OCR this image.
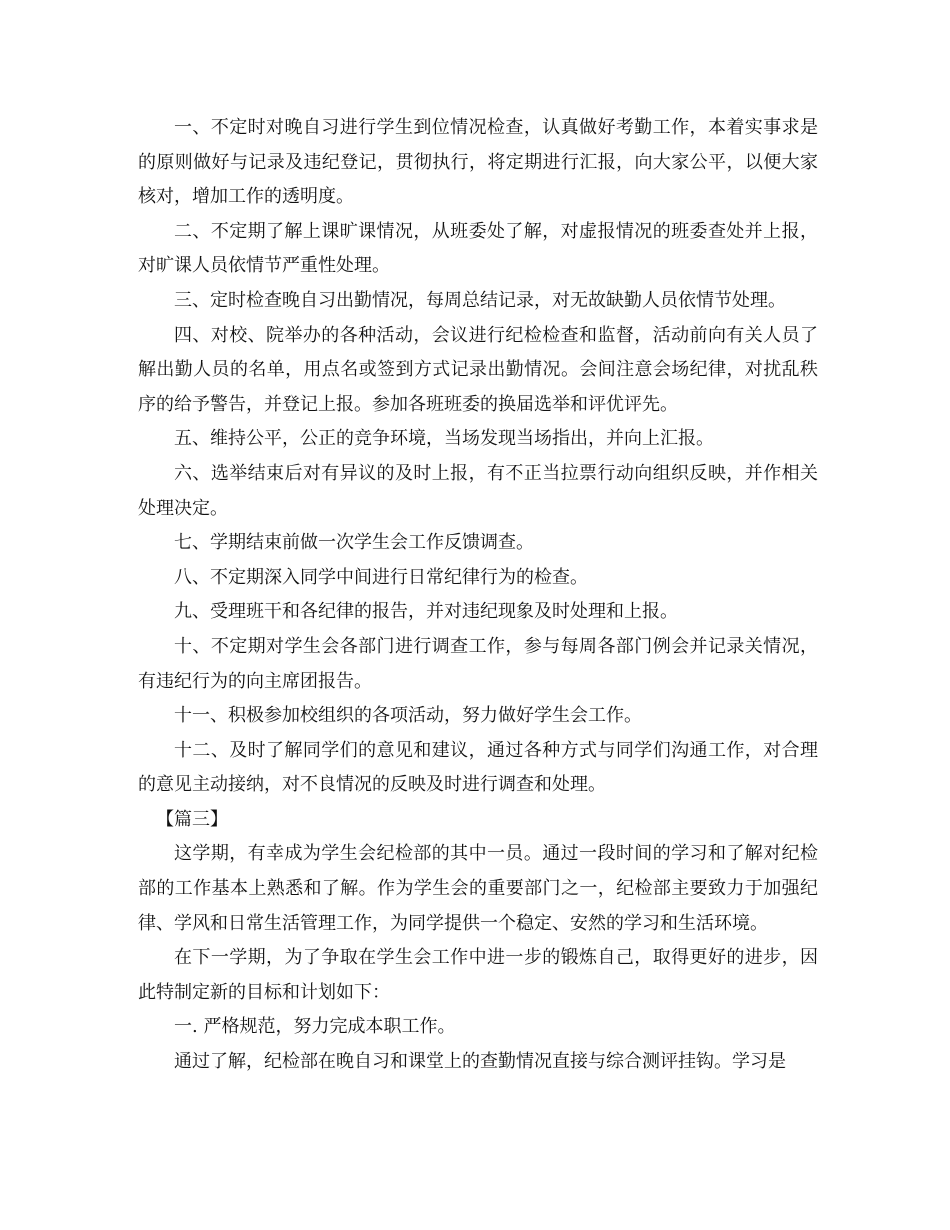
一、不定时对晚自习进行学生到位情况检查，认真做好考勤工作，本着实事求是的原则做好与记录及违纪登记，贯彻执行，将定期进行汇报，向大家公平，以便大家核对，增加工作的透明度。

二、不定期了解上课旷课情况，从班委处了解，对虚报情况的班委查处并上报，对旷课人员依情节严重性处理。

三、定时检查晚自习出勤情况，每周总结记录，对无故缺勤人员依情节处理。

四、对校、院举办的各种活动，会议进行纪检检查和监督，活动前向有关人员了解出勤人员的名单，用点名或签到方式记录出勤情况。会间注意会场纪律，对扰乱秩序的给予警告，并登记上报。参加各班班委的换届选举和评优评先。

五、维持公平，公正的竞争环境，当场发现当场指出，并向上汇报。

六、选举结束后对有异议的及时上报，有不正当拉票行动向组织反映，并作相关处理决定。

七、学期结束前做一次学生会工作反馈调查。

八、不定期深入同学中间进行日常纪律行为的检查。

九、受理班干和各纪律的报告，并对违纪现象及时处理和上报。

十、不定期对学生会各部门进行调查工作，参与每周各部门例会并记录关情况，有违纪行为的向主席团报告。

十一、积极参加校组织的各项活动，努力做好学生会工作。

十二、及时了解同学们的意见和建议，通过各种方式与同学们沟通工作，对合理的意见主动接纳，对不良情况的反映及时进行调查和处理。

【篇三】

这学期，有幸成为学生会纪检部的其中一员。通过一段时间的学习和了解对纪检部的工作基本上熟悉和了解。作为学生会的重要部门之一，纪检部主要致力于加强纪律、学风和日常生活管理工作，为同学提供一个稳定、安然的学习和生活环境。

在下一学期，为了争取在学生会工作中进一步的锻炼自己，取得更好的进步，因此特制定新的目标和计划如下：

一. 严格规范，努力完成本职工作。

通过了解，纪检部在晚自习和课堂上的查勤情况直接与综合测评挂钩。学习是
